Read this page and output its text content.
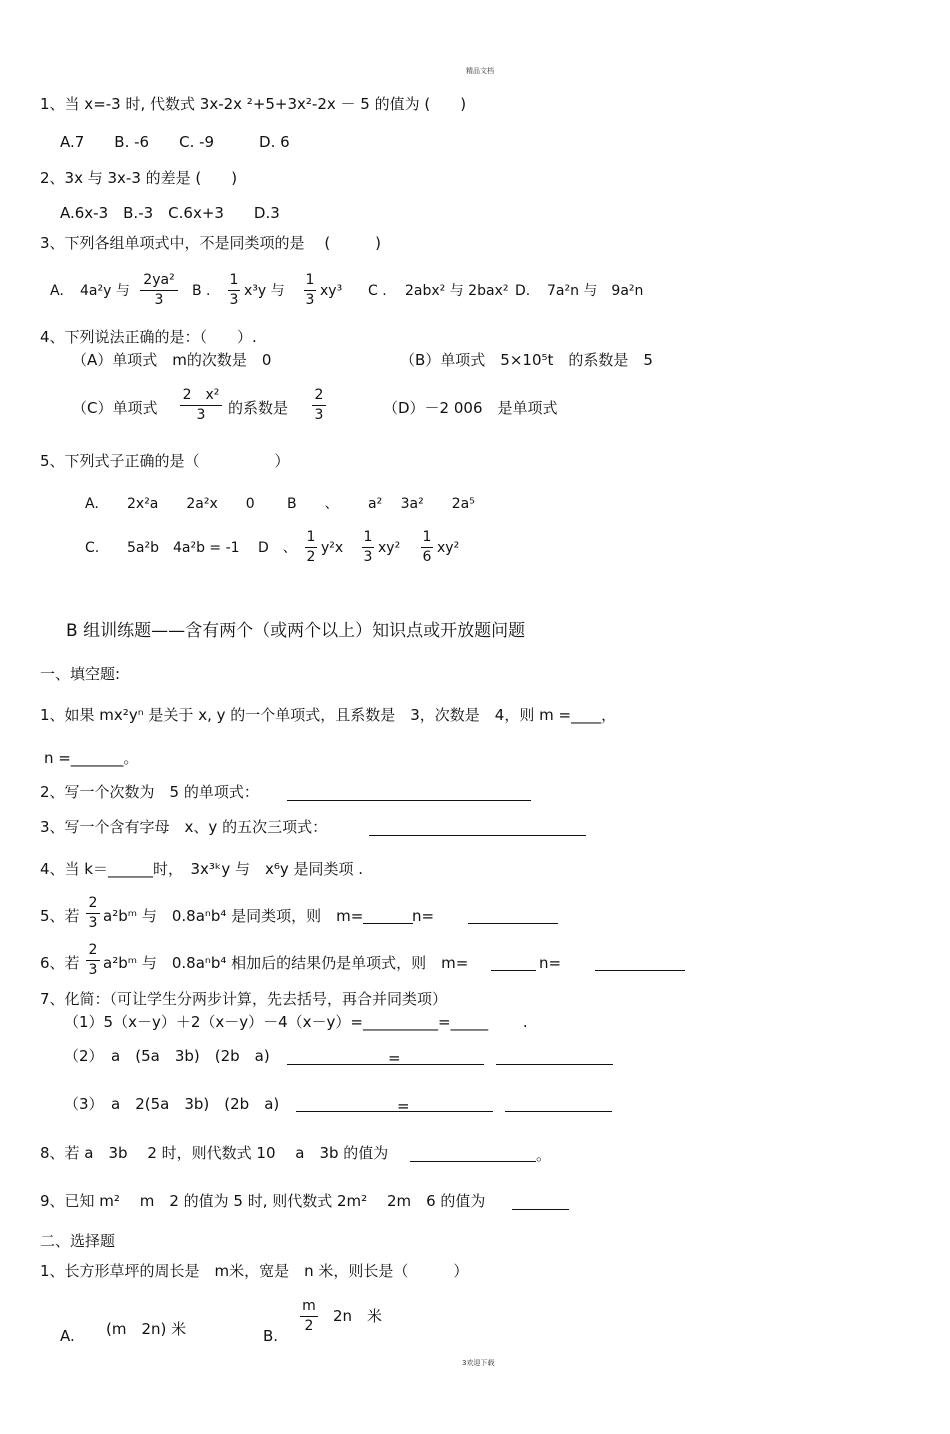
精品文档
3欢迎下载
1、当 x=-3 时, 代数式 3x-2x ²+5+3x²-2x － 5 的值为 (　　)
A.7　　B. -6　　C. -9　　　D. 6
2、3x 与 3x-3 的差是 (　　)
A.6x-3　B.-3　C.6x+3　　D.3
3、下列各组单项式中，不是同类项的是　 (　　　)
A. 4a²y 与
2ya²
3
B .
1
3
x³y 与
1
3
xy³ C . 2abx² 与 2bax² D. 7a²n 与　9a²n
4、下列说法正确的是：（　　）.
（A）单项式　m的次数是　0	（B）单项式　5×10⁵t　的系数是　5
（C）单项式
2　x²
3	的系数是
2
3	（D）－2 006　是单项式
5、下列式子正确的是（　　　　　）
A. 2x²a　　2a²x　　0 B　　、 a²　 3a²　　2a⁵
C. 5a²b　4a²b = -1 D　、
1
2
y²x
1
3
xy²
1
6
xy²
B 组训练题——含有两个（或两个以上）知识点或开放题问题
一、填空题:
1、如果 mx²yⁿ 是关于 x, y 的一个单项式，且系数是　3，次数是　4，则 m =____，
n =_______。
2、写一个次数为　5 的单项式：
3、写一个含有字母　x、y 的五次三项式：
4、当 k＝______时，　3x³ᵏy 与　x⁶y 是同类项 .
5、若
2
3 a²bᵐ 与　0.8aⁿb⁴ 是同类项，则　m=	n=
6、若
2
3 a²bᵐ 与　0.8aⁿb⁴ 相加后的结果仍是单项式，则　m=	n=
7、化简：（可让学生分两步计算，先去括号，再合并同类项）
（1）5（x－y）＋2（x－y）－4（x－y）=__________=_____　　 .
（2）　a　(5a　3b)　(2b　a)	=
（3）　a　2(5a　3b)　(2b　a)	=
8、若 a　3b　 2 时，则代数式 10　 a　3b 的值为	。
9、已知 m²　 m　2 的值为 5 时, 则代数式 2m²　 2m　6 的值为
二、选择题
1、长方形草坪的周长是　m米，宽是　n 米，则长是（　　　）
A. (m　2n) 米	B.
m
2
2n　米
